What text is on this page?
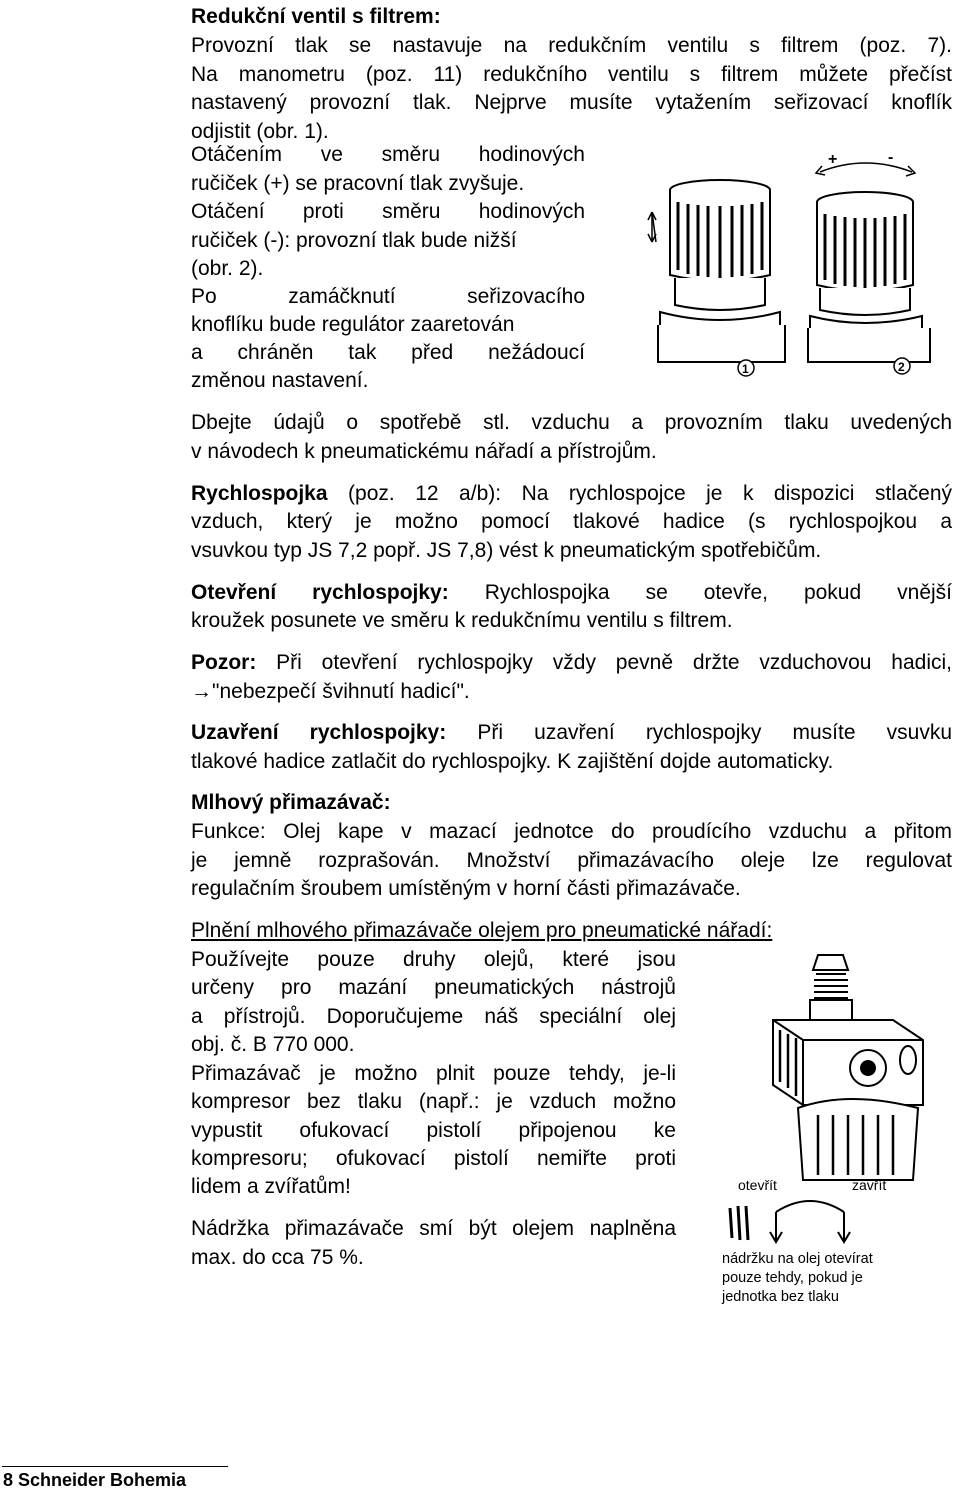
Redukční ventil s filtrem:
Provozní tlak se nastavuje na redukčním ventilu s filtrem (poz. 7).
Na manometru (poz. 11) redukčního ventilu s filtrem můžete přečíst
nastavený provozní tlak. Nejprve musíte vytažením seřizovací knoflík
odjistit (obr. 1).
Otáčením ve směru hodinových
ručiček (+) se pracovní tlak zvyšuje.
Otáčení proti směru hodinových
ručiček (-): provozní tlak bude nižší
(obr. 2).
Po zamáčknutí seřizovacího
knoflíku bude regulátor zaaretován
a chráněn tak před nežádoucí
změnou nastavení.
Dbejte údajů o spotřebě stl. vzduchu a provozním tlaku uvedených
v návodech k pneumatickému nářadí a přístrojům.
+	-
1	2
Rychlospojka (poz. 12 a/b): Na rychlospojce je k dispozici stlačený
vzduch, který je možno pomocí tlakové hadice (s rychlospojkou a
vsuvkou typ JS 7,2 popř. JS 7,8) vést k pneumatickým spotřebičům.
Otevření rychlospojky: Rychlospojka se otevře, pokud vnější
kroužek posunete ve směru k redukčnímu ventilu s filtrem.
Pozor: Při otevření rychlospojky vždy pevně držte vzduchovou hadici,
→"nebezpečí švihnutí hadicí".
Uzavření rychlospojky: Při uzavření rychlospojky musíte vsuvku
tlakové hadice zatlačit do rychlospojky. K zajištění dojde automaticky.
Mlhový přimazávač:
Funkce: Olej kape v mazací jednotce do proudícího vzduchu a přitom
je jemně rozprašován. Množství přimazávacího oleje lze regulovat
regulačním šroubem umístěným v horní části přimazávače.
Plnění mlhového přimazávače olejem pro pneumatické nářadí:
Používejte pouze druhy olejů, které jsou
určeny pro mazání pneumatických nástrojů
a přístrojů. Doporučujeme náš speciální olej
obj. č. B 770 000.
Přimazávač je možno plnit pouze tehdy, je-li
kompresor bez tlaku (např.: je vzduch možno
vypustit ofukovací pistolí připojenou ke
kompresoru; ofukovací pistolí nemiřte proti
lidem a zvířatům!
Nádržka přimazávače smí být olejem naplněna
max. do cca 75 %.
otevřít	zavřít
nádržku na olej otevírat
pouze tehdy, pokud je
jednotka bez tlaku
8 Schneider Bohemia
